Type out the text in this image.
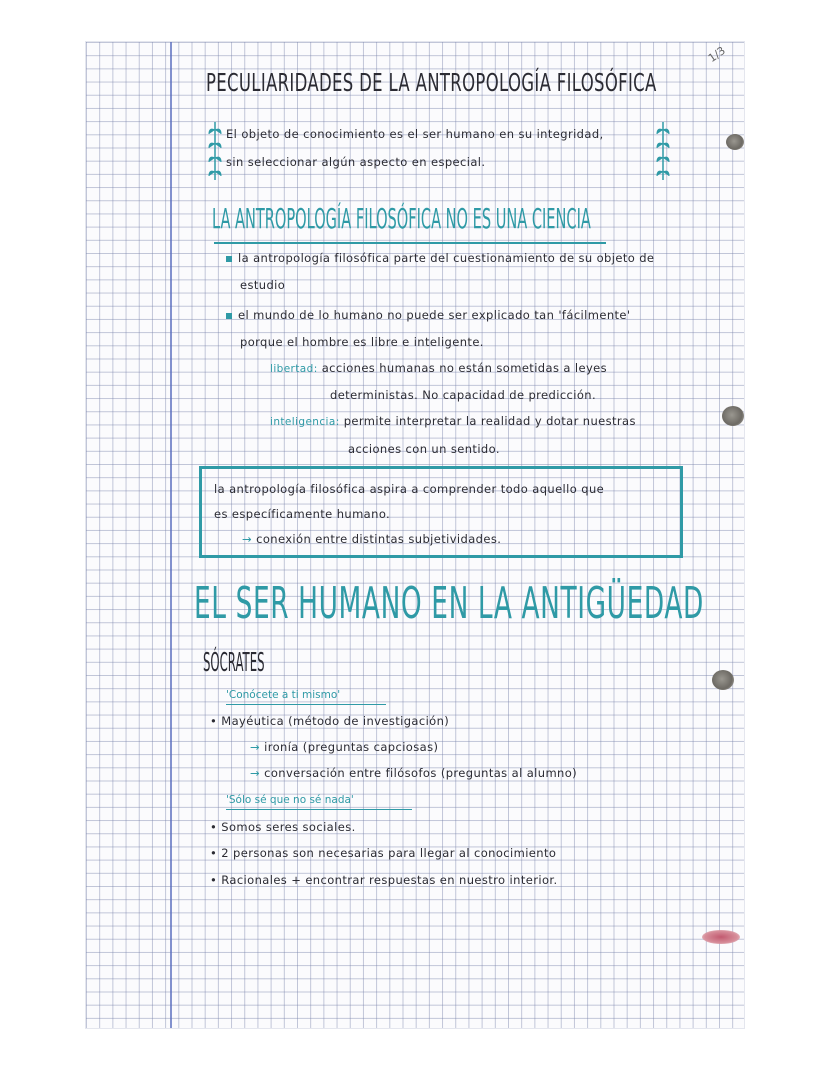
1/3
PECULIARIDADES DE LA ANTROPOLOGÍA FILOSÓFICA
El objeto de conocimiento es el ser humano en su integridad,
sin seleccionar algún aspecto en especial.
LA ANTROPOLOGÍA FILOSÓFICA NO ES UNA CIENCIA
la antropología filosófica parte del cuestionamiento de su objeto de
estudio
el mundo de lo humano no puede ser explicado tan 'fácilmente'
porque el hombre es libre e inteligente.
libertad: acciones humanas no están sometidas a leyes
deterministas. No capacidad de predicción.
inteligencia: permite interpretar la realidad y dotar nuestras
acciones con un sentido.
la antropología filosófica aspira a comprender todo aquello que
es específicamente humano.
→ conexión entre distintas subjetividades.
EL SER HUMANO EN LA ANTIGÜEDAD
SÓCRATES
'Conócete a ti mismo'
• Mayéutica (método de investigación)
→ ironía (preguntas capciosas)
→ conversación entre filósofos (preguntas al alumno)
'Sólo sé que no sé nada'
• Somos seres sociales.
• 2 personas son necesarias para llegar al conocimiento
• Racionales + encontrar respuestas en nuestro interior.
